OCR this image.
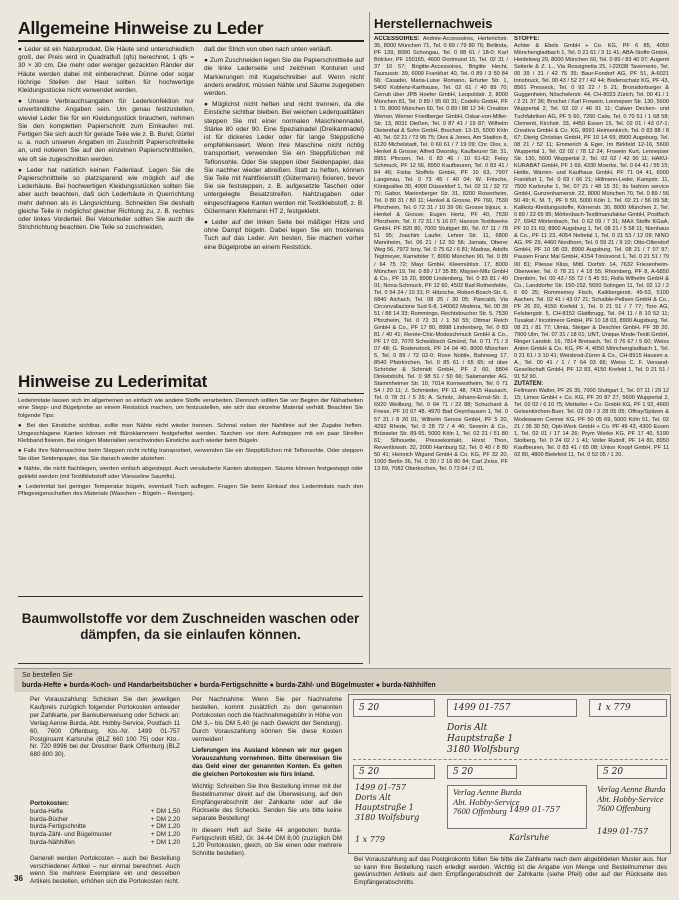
Allgemeine Hinweise zu Leder

● Leder ist ein Naturprodukt. Die Häute sind unterschiedlich groß, der Preis wird in Quadratfuß (qfs) berechnet, 1 qfs = 30 × 30 cm. Die mehr oder weniger gezackten Ränder der Häute werden dabei mit einberechnet. Dünne oder sogar löchrige Stellen der Haut sollten für hochwertige Kleidungsstücke nicht verwendet werden.

● Unsere Verbrauchsangaben für Lederkonfektion nur unverbindliche Angaben sein. Um genau festzustellen, wieviel Leder Sie für ein Kleidungsstück brauchen, nehmen Sie den kompletten Papierschnitt zum Einkaufen mit. Fertigen Sie sich auch für gerade Teile wie z. B. Bund, Gürtel u. a. noch unseren Angaben im Zuschnitt Papierschnitteile an, und notieren Sie auf den einzelnen Papierschnittteilen, wie oft sie zugeschnitten werden.

● Leder hat natürlich keinen Fadenlauf. Legen Sie die Papierschnittteile so platzsparend wie möglich auf die Lederhäute. Bei hochwertigen Kleidungsstücken sollten Sie aber auch beachten, daß sich Lederhäute in Querrichtung mehr dehnen als in Längsrichtung. Schneiden Sie deshalb gleiche Teile in möglichst gleicher Richtung zu, z. B. rechtes oder linkes Vorderteil. Bei Velourleder sollten Sie auch die Strichrichtung beachten. Die Teile so zuschneiden,

daß der Strich von oben nach unten verläuft.

● Zum Zuschneiden legen Sie die Papierschnittteile auf die linke Lederseite und zeichnen Konturen und Markierungen mit Kugelschreiber auf. Wenn nicht anders erwähnt, müssen Nähte und Säume zugegeben werden.

● Möglichst nicht heften und nicht trennen, da die Einstiche sichtbar bleiben. Bei weichen Lederqualitäten steppen Sie mit einer normalen Maschinennadel, Stärke 80 oder 90. Eine Spezialnadel (Dreikantnadel) ist für dickeres Leder oder für lange Steppstiche empfehlenswert. Wenn Ihre Maschine nicht richtig transportiert, verwenden Sie ein Steppfüßchen mit Teflonsohle. Oder Sie steppen über Seidenpapier, das Sie nachher wieder abreißen. Statt zu heften, können Sie Teile mit Nahtfixierstift (Gütermann) fixieren, bevor Sie sie feststeppen, z. B. aufgesetzte Taschen oder untergelegte Besatzstreifen. Nahtzugaben oder eingeschlagene Kanten werden mit Textilklebstoff, z. B. Gütermann Klebmann HT 2, festgeklebt.

● Leder auf der linken Seite bei mäßiger Hitze und ohne Dampf bügeln. Dabei legen Sie ein trockenes Tuch auf das Leder. Am besten, Sie machen vorher eine Bügelprobe an einem Reststück.

Hinweise zu Lederimitat

Lederimitate lassen sich im allgemeinen so einfach wie andere Stoffe verarbeiten. Dennoch sollten Sie vor Beginn der Näharbeiten eine Stepp- und Bügelprobe an einem Reststück machen, um festzustellen, wie sich das einzelne Material verhält. Beachten Sie folgende Tips:

● Bei den Einstiche sichtbar, sollte man Nähte nicht wieder trennen. Schmal neben der Nahtlinie auf der Zugabe heften. Umgeschlagene Kanten können mit Büroklammern festgeheftet werden. Taschen vor dem Aufsteppen mit ein paar Streifen Klebband fixieren. Bei einigen Materialien verschwinden Einstiche auch wieder beim Bügeln.

● Falls Ihre Nähmaschine beim Steppen nicht richtig transportiert, verwenden Sie ein Steppfüßchen mit Teflonsohle. Oder steppen Sie über Seidenpapier, das Sie danach wieder abziehen.

● Nähte, die nicht flachliegen, werden einfach abgesteppt. Auch versäuberte Kanten absteppen. Säume können festgesteppt oder geklebt werden (mit Textilklebstoff oder Vliesseline Saumfix).

● Lederimitat bei geringer Temperatur bügeln, eventuell Tuch auflegen. Fragen Sie beim Einkauf des Lederimitats nach den Pflegeeigenschaften des Materials (Waschen – Bügeln – Reinigen).

Baumwollstoffe vor dem Zuschneiden waschen oder dämpfen, da sie einlaufen können.
Herstellernachweis
ACCESSOIRES: Andrée-Accessoires, Herterichstr. 35, 8000 München 71, Tel. 0 89 / 79 80 76; Bellinda, PF 139, 8990 Schongau, Tel. 0 88 61 / 18-0; Karl Bölcker, PF 150165, 4600 Dortmund 15, Tel. 02 31 / 37 10 57; Brigitte-Accessoires, Brigitte Hecht, Taunusstr. 39, 6000 Frankfurt 40, Tel. 0 89 / 3 50 84 66; Casadei, Maria-Luise Romano, Erfurter Str. 1, 5400 Koblenz-Karthause, Tel. 02 61 / 40 89 70; Cerruti über JPB Hoefer GmbH, Leopoldstr. 2, 8000 München 81, Tel. 0 89 / 95 60 31; Codello GmbH, PF 1 70, 8000 München 60, Tel. 0 89 / 88 12 34; Creation Werner, Werner Friedberger GmbH, Oskar-von-Miller-Str. 13, 8031 Dießen, Tel. 0 87 41 / 19 87; Wilhelm Dietenthal & Sohn GmbH, Bruchstr. 13-15, 5000 Köln 40, Tel. 02 21 / 73 95 75; Dies & Jones, Am Stadion 8, 6120 Michelstadt, Tel. 0 60 61 / 7 19 09; Chr. Dior, s. Henkel & Grosse; Alfred Dworsky, Kaufbeurer Str. 31, 8951 Pforzen, Tel. 0 83 46 / 10 61-62; Feisy Schmuck, PF 12 56, 8950 Kaufbeuren, Tel. 0 83 41 / 84 46; Fisba Stoffels GmbH, PF 10 63, 7907 Langenau, Tel. 0 73 45 / 40 04; W. Fritsche, Königsallee 30, 4000 Düsseldorf 1, Tel. 02 11 / 32 72 70; Gabor, Marienberger Str. 31, 8200 Rosenheim, Tel. 0 80 31 / 80 11; Henkel & Grosse, PF 760, 7530 Pforzheim, Tel. 0 72 31 / 10 39 06; Grosse bijoux, s. Henkel & Grosse; Eugen Hertz, PF 40, 7530 Pforzheim, Tel. 0 72 31 / 5 16 07; Hanson Textilwerke GmbH, PF 820 80, 7000 Stuttgart 80, Tel. 07 11 / 78 51 95; Joachim Laufer, Lehrer Str. 11, 6800 Mannheim, Tel. 06 21 / 12 50 56; Jamais, Oberer Weg 56, 7972 Isny, Tel. 0 75 62 / 6 81; Madras, Adolfs Tegtmeyer, Karnebiter 7, 8000 München 90, Tel. 0 89 / 64 75 72; Mayr GmbH, Kleemühlstr. 17, 8000 München 19, Tel. 0 89 / 17 35 85; Mayser-Milz GmbH & Co., PF 15 20, 8998 Lindenberg, Tel. 0 83 81 / 40 01; Nona-Schmuck, PF 12 60, 4502 Bad Rothenfelde, Tel. 0 54 24 / 10 31; P. Hitzsche, Robert-Bosch-Str. 6, 6840 Aichach, Tel. 08 25 / 30 05; Pancaldi, Via Circonvallazione Sud 6-8, 140062 Modena, Tel. 00 39 51 / 88 14 33; Rommingo, Rechtsbrucher Str. 5, 7530 Pforzheim, Tel. 0 72 31 / 1 50 55; Ottmar Reich GmbH & Co., PF 17 80, 8998 Lindenberg, Tel. 0 83 81 / 40 41; Renée-Chic-Modeschmuck GmbH & Co., PF 17 02, 7070 Schwäbisch Gmünd, Tel. 0 71 71 / 3 07 48; G. Rodenstock, PF 14 04 40, 8000 München 5, Tel. 0 89 / 72 02-0; Rose Nobile, Bahnweg 17, 8540 Pfatrkirchen, Tel. 0 85 61 / 65 65; rd über Schröder & Schmidt GmbH, PF 2 60, 8804 Dinkelsbühl, Tel. 0 98 51 / 50 66; Salamander AG, Stammheimer Str. 10, 7014 Kornwestheim, Tel. 0 71 54 / 20 11; J. Schmieder, PF 11 48, 7415 Hausach, Tel. 0 78 31 / 5 26; A. Scholz, Johann-Ernst-Str. 3, 6920 Weilburg, Tel. 0 64 71 / 22 88; Schuchard & Friese, PF 10 07 48, 4970 Bad Oeynhausen 1, Tel. 0 57 31 / 8 20 01; Wilhelm Servos GmbH, PF 5 20, 4292 Rhede, Tel. 0 28 72 / 4 46; Severin & Co., Brüsseler Str. 89-95, 5000 Köln 1, Tel. 02 21 / 51 80 61; Silhouette, Pressekontakt, Horst Thon, Reventlowstr. 32, 2000 Hamburg 52, Tel. 0 40 / 8 80 50 41; Heinrich Wigand GmbH & Co. KG, PF 32 20, 1000 Berlin 36, Tel. 0 30 / 2 16 80 84; Carl Zeiss, PF 13 69, 7082 Oberkochen, Tel. 0 73 64 / 2 01.
STOFFE:
Achter & Ebels GmbH + Co. KG, PF 6 85, 4050 Mönchengladbach 1, Tel. 0 21 61 / 3 11 41; ABA-Stoffe GmbH, Heidelweg 29, 8000 München 60, Tel. 0 89 / 83 40 97; Augenti Seiterle & Z. L., Via Rossignetta 25, I-22038 Tavernerio, Tel. 00 39 / 31 / 42 75 35; Baur-Fondorf AG, PF 51, A-6021 Innsbruck, Tel. 00 43 / 52 27 / 42 44; Bodenschatz KG, PF 43, 8561 Presseck, Tel. 0 92 22 / 5 21; Bronsdorburger & Guggenheim, Nöschelerstr. 44, CH-8023 Zürich, Tel. 00 41 / 1 / 2 21 37 36; Brochet / Karl Frowein, Lennepser Str. 130, 5600 Wuppertal 2, Tel. 02 02 / 46 91 11; Calwer Decken- und Tuchfabriken AG, PF 5 60, 7260 Calw, Tel. 0 70 51 / 1 68 58; Clementi, Kirchstr. 33, 4450 Essen 15, Tel. 02 01 / 43 07-1; Creativa GmbH & Co. KG, 8991 Heimenkirch, Tel. 0 83 88 / 8 67; Dierig Christian GmbH, PF 10 14 69, 8900 Augsburg, Tel. 08 21 / 52 11; Emmerich & Eger, Im Birkfeld 12-16, 5600 Wuppertal 1, Tel. 02 02 / 78 12 24; Frowein Kurt, Lennepser Str. 130, 5600 Wuppertal 2, Tel. 02 02 / 42 90 11; HAKU-KURABAT GmbH, PF 1 69, 4330 Moerbz, Tel. 0 64 41 / 55 15; Hettle, Warren- und Kaufhaus GmbH, PF 71 04 41, 6000 Frankfurt 1, Tel. 0 69 / 66 21; Hillmann-Leder, Kampstr. 11, 7500 Karlsruhe 1, Tel. 07 21 / 48 15 31; Its fashion service GmbH, Gunzenhamerstr. 22, 8000 München 70, Tel. 0 89 / 56 50 49; K. M. T., PF 9 50, 5000 Köln 1, Tel. 02 21 / 56 09 58; Kalikotz-Kleidungsstoffe, Körnerstr. 30, 8000 München 2, Tel. 0 89 / 22 65 95; Mörlenbach-Textilmanufaktur GmbH, Postfach 27, 6942 Mörlenbach, Tel. 0 62 09 / 7 31; MAX Stoffe KGaA, PF 10 21 69, 8900 Augsburg 1, Tel. 08 21 / 5 58 11; Nienhaus & Co., PF 11 23, 4054 Nettetal 1, Tel. 0 21 53 / 12 09; NINO AG, PF 29, 4460 Nordhorn, Tel. 0 59 21 / 9 10; Otto-Ollendorf GmbH, PF 10 08 03, 8900 Augsburg, Tel. 08 21 / 7 07 97; Pausen Franz Mai GmbH, 4154 Tönisvorst 1, Tel. 0 21 51 / 79 00 81; Pliesse Kliss, Mittl. Dorfstr. 14, 7632 Friesenheim-Oberweier, Tel. 0 78 21 / 4 18 55; Rhomberg, PF 8, A-6850 Dornbirn, Tel. 00 43 / 55 72 / 5 45 51; Rolla Wilhelm GmbH & Co., Landdorfer Str. 150-152, 5650 Solingen 11, Tel. 02 12 / 2 6 60 25; Rommemey Fisch, Kalkbergerstr. 49-53, 5100 Aachen, Tel. 02 41 / 43 07 21; Schaible-Pellsen GmbH & Co., PF 26 20, 4150 Krefeld 1, Tel. 0 21 51 / 7 77; Toro AG, Felsbergstr. 5, CH-8152 Glattbrugg, Tel. 04 11 / 8 10 52 11; Tusakat / Incotimeor GmbH, PF 10 18 03, 8900 Augsburg, Tel. 08 21 / 81 77; Ulmia, Steiger & Deschler GmbH, PF 38 20, 7900 Ulm, Tel. 07 31 / 18 01; UNT, Unique Mode-Textil GmbH, Ringer Landstr. 16, 7814 Breisach, Tel. 0 76 67 / 5 60; Weiss Anton GmbH & Co. KG, PF 4, 4050 Mönchengladbach 1, Tel. 0 21 61 / 3 10 41; Weisbrod-Zürrer & Co., CH-8915 Hausen a. A., Tel. 00 41 / 1 / 7 64 03 66; Weiss C. F. Versand-Gesellschaft GmbH, PF 12 83, 4150 Krefeld 1, Tel. 0 21 51 / 91 52 90.
ZUTATEN:
Fellmann Walter, PF 26 35, 7000 Stuttgart 1, Tel. 07 11 / 29 12 15; Limes GmbH + Co. KG, PF 20 87 27, 5600 Wuppertal 2, Tel. 02 02 / 6 10 75; Mettwiler + Co. GmbH KG, PF 1 92, 4660 Gelsenkirchen-Buer, Tel. 02 09 / 3 28 05 05; Offray/Spitzen & Modewaren Cremer KG, PF 50 05 69, 5000 Köln 51, Tel. 02 21 / 36 30 50; Opti-Werk GmbH + Co. PF 49 43, 4300 Essen 1, Tel. 02 01 / 17 14 26; Prym Werke KG, PF 17 40, 5190 Stolberg, Tel. 0 24 02 / 1 41; Voller Rudolf, PF 14 80, 8950 Kaufbeuren, Tel. 0 83 41 / 65 08; Union Knopf GmbH, PF 11 02 80, 4800 Bielefeld 11, Tel. 0 52 05 / 1 20.
So bestellen Sie
burda-Hefte ● burda-Koch- und Handarbeitsbücher ● burda-Fertigschnitte ● burda-Zähl- und Bügelmuster ● burda-Nähhilfen
Per Vorauszahlung: Schicken Sie den jeweiligen Kaufpreis zuzüglich folgender Portokosten entweder per Zahlkarte, per Bankuberweisung oder Scheck an: Verlag Aenne Burda, Abt. Hobby-Service, Postfach 11 60, 7600 Offenburg, Kto.-Nr. 1499 01-757 Postgiroamt Karlsruhe (BLZ 660 100 75) oder Kto.-Nr. 720 8996 bei der Dresdner Bank Offenburg (BLZ 680 800 30).
Portokosten:
burda-Hefte	+ DM 1,50
burda-Bücher	+ DM 2,20
burda-Fertigschnitte	+ DM 1,20
burda-Zähl- und Bügelmuster	+ DM 1,20
burda-Nähhilfen	+ DM 1,20
Generell werden Portokosten – auch bei Bestellung verschiedener Artikel – nur einmal berechnet. Auch wenn Sie mehrere Exemplare ein und desselben Artikels bestellen, erhöhen sich die Portokosten nicht.

Per Nachnahme: Wenn Sie per Nachnahme bestellen, kommt zusätzlich zu den genannten Portokosten noch die Nachnahmegebühr in Höhe von DM 3,– bis DM 5,40 (je nach Gewicht der Sendung). Durch Vorauszahlung können Sie diese Kosten vermeiden!

Lieferungen ins Ausland können wir nur gegen Vorauszahlung vornehmen. Bitte überweisen Sie das Geld einer der genannten Konten. Es gelten die gleichen Portokosten wie fürs Inland.

Wichtig: Schreiben Sie Ihre Bestellung immer mit der Bestellnummer direkt auf die Überweisung, auf den Empfängerabschnitt der Zahlkarte oder auf die Rückseite des Schecks. Senden Sie uns bitte keine separate Bestellung!

In diesem Heft auf Seite 44 angeboten: burda-Fertigschnitt 6582, Gr. 34-44 DM 8,00 (zuzüglich DM 1,20 Portokosten, gleich, ob Sie einen oder mehrere Schnitte bestellen).

5 20	1499 01-757	1 x 779
Doris Alt
Hauptstraße 1
3180 Wolfsburg
5 20
1499 01-757
Doris Alt
Hauptstraße 1
3180 Wolfsburg
1 x 779
5 20
Verlag Aenne Burda Abt. Hobby-Service 7600 Offenburg 1499 01-757
Karlsruhe
5 20
Verlag Aenne Burda Abt. Hobby-Service 7600 Offenburg
1499 01-757
Bei Vorauszahlung auf das Postgirokonto füllen Sie bitte die Zahlkarte nach dem abgebildeten Muster aus. Nur so kann Ihre Bestellung rasch erledigt werden. Wichtig ist die Angabe von Menge und Bestellnummer des gewünschten Artikels auf dem Empfängerabschnitt der Zahlkarte (siehe Pfeil) oder auf der Rückseite des Empfängerabschnitts.
36
